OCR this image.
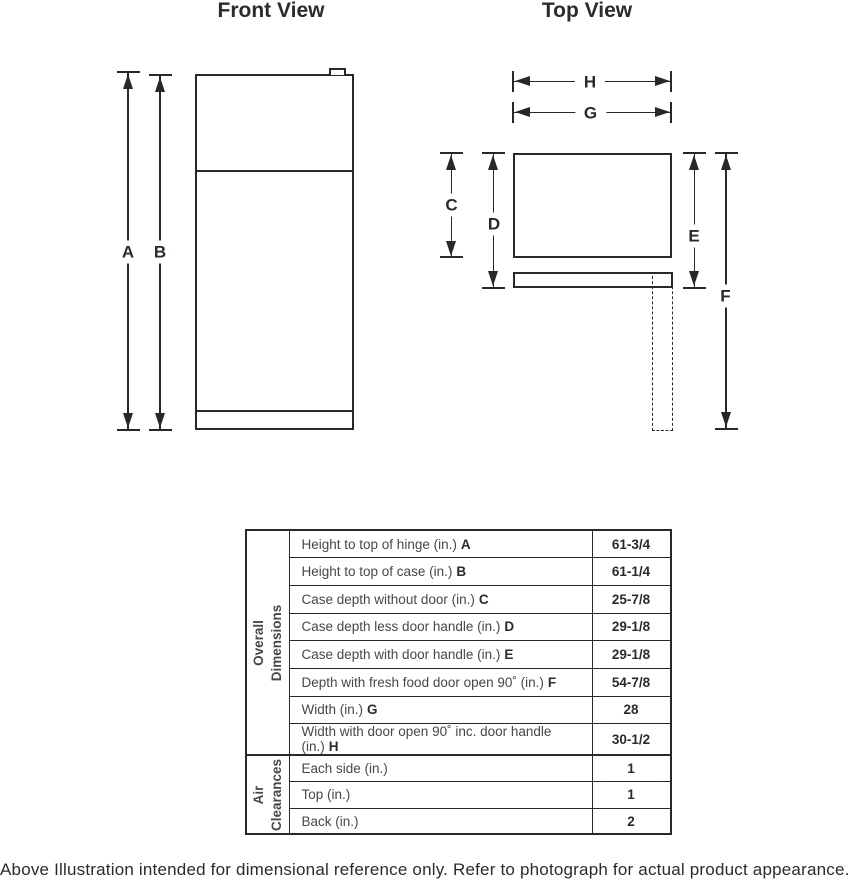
Front View	Top View
A B
H
G
C
D
E
F
Overall Dimensions	Height to top of hinge (in.) A	61-3/4
	Height to top of case (in.) B	61-1/4
	Case depth without door (in.) C	25-7/8
	Case depth less door handle (in.) D	29-1/8
	Case depth with door handle (in.) E	29-1/8
	Depth with fresh food door open 90˚ (in.) F	54-7/8
	Width (in.) G	28
	Width with door open 90˚ inc. door handle (in.) H	30-1/2

Air Clearances	Each side (in.)	1
	Top (in.)	1
	Back (in.)	2
Above Illustration intended for dimensional reference only. Refer to photograph for actual product appearance.
